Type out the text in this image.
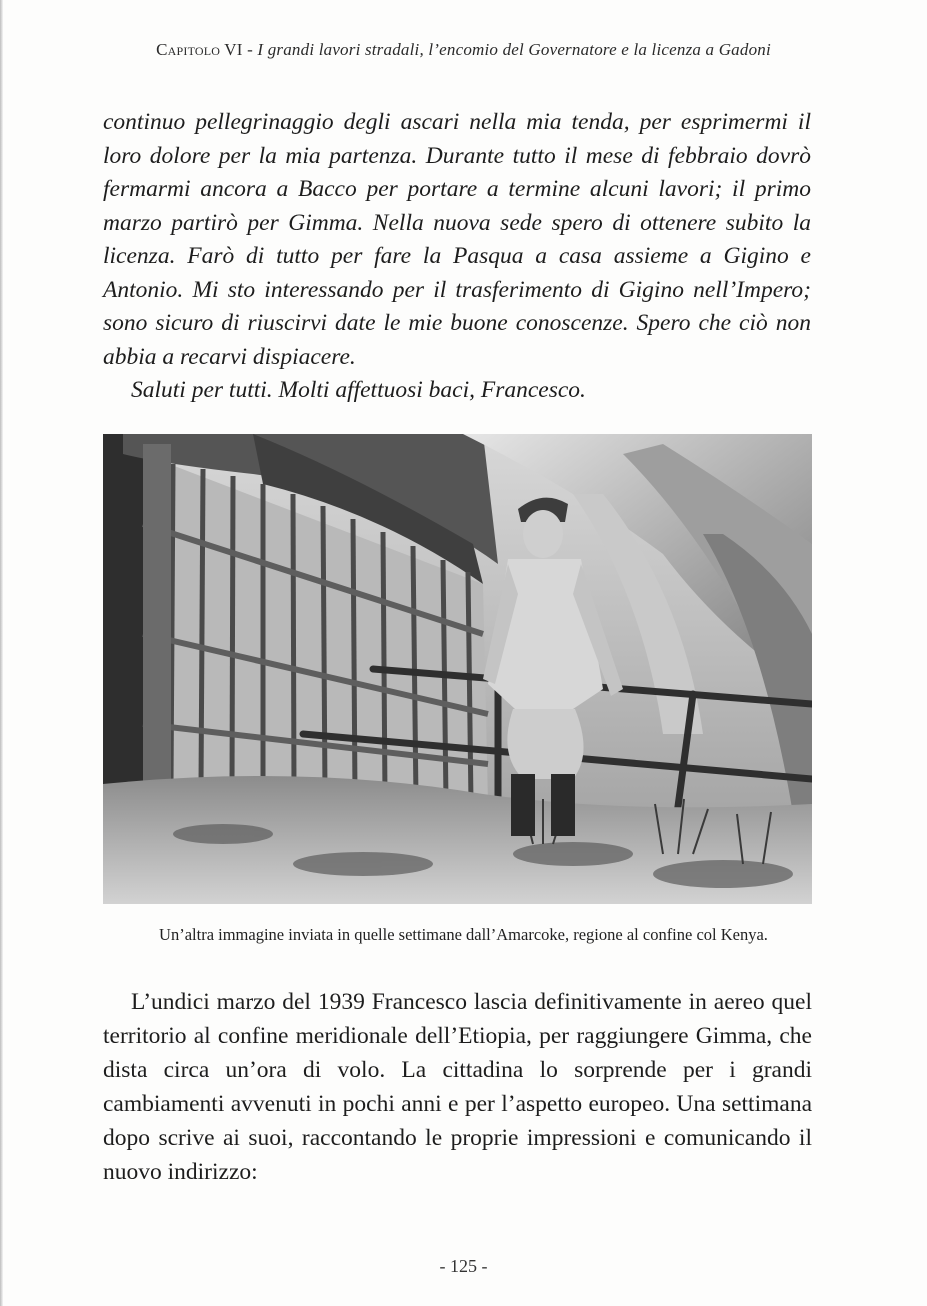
Capitolo VI - I grandi lavori stradali, l’encomio del Governatore e la licenza a Gadoni

continuo pellegrinaggio degli ascari nella mia tenda, per esprimermi il loro dolore per la mia partenza. Durante tutto il mese di febbraio dovrò fermarmi ancora a Bacco per portare a termine alcuni lavori; il primo marzo partirò per Gimma. Nella nuova sede spero di ottenere subito la licenza. Farò di tutto per fare la Pasqua a casa assieme a Gigino e Antonio. Mi sto interessando per il trasferimento di Gigino nell’Impero; sono sicuro di riuscirvi date le mie buone conoscenze. Spero che ciò non abbia a recarvi dispiacere.

Saluti per tutti. Molti affettuosi baci, Francesco.

Un’altra immagine inviata in quelle settimane dall’Amarcoke, regione al confine col Kenya.

L’undici marzo del 1939 Francesco lascia definitivamente in aereo quel territorio al confine meridionale dell’Etiopia, per raggiungere Gimma, che dista circa un’ora di volo. La cittadina lo sorprende per i grandi cambiamenti avvenuti in pochi anni e per l’aspetto europeo. Una settimana dopo scrive ai suoi, raccontando le proprie impressioni e comunicando il nuovo indirizzo:

- 125 -
